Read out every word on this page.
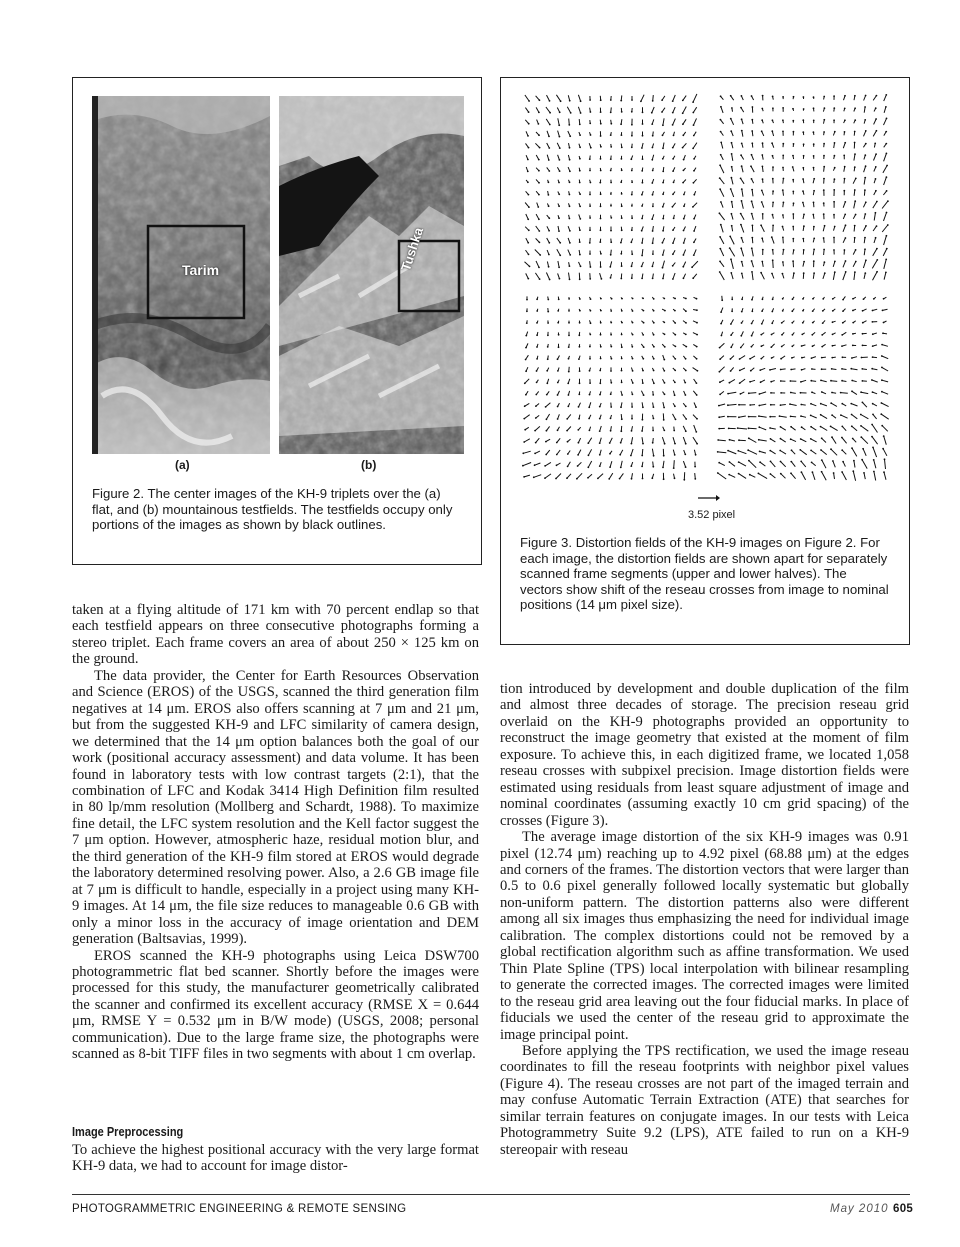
Tarim	Tushka
(a)	(b)
Figure 2. The center images of the KH-9 triplets over the (a) flat, and (b) mountainous testfields. The testfields occupy only portions of the images as shown by black outlines.
3.52 pixel
Figure 3. Distortion fields of the KH-9 images on Figure 2. For each image, the distortion fields are shown apart for separately scanned frame segments (upper and lower halves). The vectors show shift of the reseau crosses from image to nominal positions (14 μm pixel size).

taken at a flying altitude of 171 km with 70 percent endlap so that each testfield appears on three consecutive photographs forming a stereo triplet. Each frame covers an area of about 250 × 125 km on the ground.

The data provider, the Center for Earth Resources Observation and Science (EROS) of the USGS, scanned the third generation film negatives at 14 μm. EROS also offers scanning at 7 μm and 21 μm, but from the suggested KH-9 and LFC similarity of camera design, we determined that the 14 μm option balances both the goal of our work (positional accuracy assessment) and data volume. It has been found in laboratory tests with low contrast targets (2:1), that the combination of LFC and Kodak 3414 High Definition film resulted in 80 lp/mm resolution (Mollberg and Schardt, 1988). To maximize fine detail, the LFC system resolution and the Kell factor suggest the 7 μm option. However, atmospheric haze, residual motion blur, and the third generation of the KH-9 film stored at EROS would degrade the laboratory determined resolving power. Also, a 2.6 GB image file at 7 μm is difficult to handle, especially in a project using many KH-9 images. At 14 μm, the file size reduces to manageable 0.6 GB with only a minor loss in the accuracy of image orientation and DEM generation (Baltsavias, 1999).

EROS scanned the KH-9 photographs using Leica DSW700 photogrammetric flat bed scanner. Shortly before the images were processed for this study, the manufacturer geometrically calibrated the scanner and confirmed its excellent accuracy (RMSE X = 0.644 μm, RMSE Y = 0.532 μm in B/W mode) (USGS, 2008; personal communication). Due to the large frame size, the photographs were scanned as 8-bit TIFF files in two segments with about 1 cm overlap.

Image Preprocessing

To achieve the highest positional accuracy with the very large format KH-9 data, we had to account for image distor-

tion introduced by development and double duplication of the film and almost three decades of storage. The precision reseau grid overlaid on the KH-9 photographs provided an opportunity to reconstruct the image geometry that existed at the moment of film exposure. To achieve this, in each digitized frame, we located 1,058 reseau crosses with subpixel precision. Image distortion fields were estimated using residuals from least square adjustment of image and nominal coordinates (assuming exactly 10 cm grid spacing) of the crosses (Figure 3).

The average image distortion of the six KH-9 images was 0.91 pixel (12.74 μm) reaching up to 4.92 pixel (68.88 μm) at the edges and corners of the frames. The distortion vectors that were larger than 0.5 to 0.6 pixel generally followed locally systematic but globally non-uniform pattern. The distortion patterns also were different among all six images thus emphasizing the need for individual image calibration. The complex distortions could not be removed by a global rectification algorithm such as affine transformation. We used Thin Plate Spline (TPS) local interpolation with bilinear resampling to generate the corrected images. The corrected images were limited to the reseau grid area leaving out the four fiducial marks. In place of fiducials we used the center of the reseau grid to approximate the image principal point.

Before applying the TPS rectification, we used the image reseau coordinates to fill the reseau footprints with neighbor pixel values (Figure 4). The reseau crosses are not part of the imaged terrain and may confuse Automatic Terrain Extraction (ATE) that searches for similar terrain features on conjugate images. In our tests with Leica Photogrammetry Suite 9.2 (LPS), ATE failed to run on a KH-9 stereopair with reseau

PHOTOGRAMMETRIC ENGINEERING & REMOTE SENSING	May 2010 605
